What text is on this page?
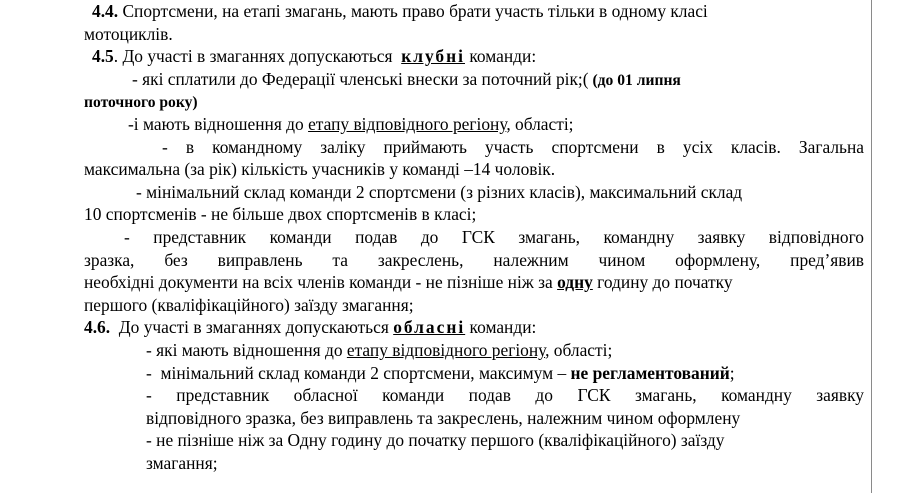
4.4. Спортсмени, на етапі змагань, мають право брати участь тільки в одному класі
мотоциклів.
4.5. До участі в змаганнях допускаються  клубні команди:
- які сплатили до Федерації членські внески за поточний рік;( (до 01 липня
поточного року)
-і мають відношення до етапу відповідного регіону, області;
- в командному заліку приймають участь спортсмени в усіх класів. Загальна
максимальна (за рік) кількість учасників у команді –14 чоловік.
- мінімальний склад команди 2 спортсмени (з різних класів), максимальний склад
10 спортсменів - не більше двох спортсменів в класі;
- представник команди подав до ГСК змагань, командну заявку відповідного
зразка, без виправлень та закреслень, належним чином оформлену, пред’явив
необхідні документи на всіх членів команди - не пізніше ніж за одну годину до початку
першого (кваліфікаційного) заїзду змагання;
4.6.  До участі в змаганнях допускаються обласні команди:
- які мають відношення до етапу відповідного регіону, області;
-  мінімальний склад команди 2 спортсмени, максимум – не регламентований;
- представник обласної команди подав до ГСК змагань, командну заявку
відповідного зразка, без виправлень та закреслень, належним чином оформлену
- не пізніше ніж за Одну годину до початку першого (кваліфікаційного) заїзду
змагання;
